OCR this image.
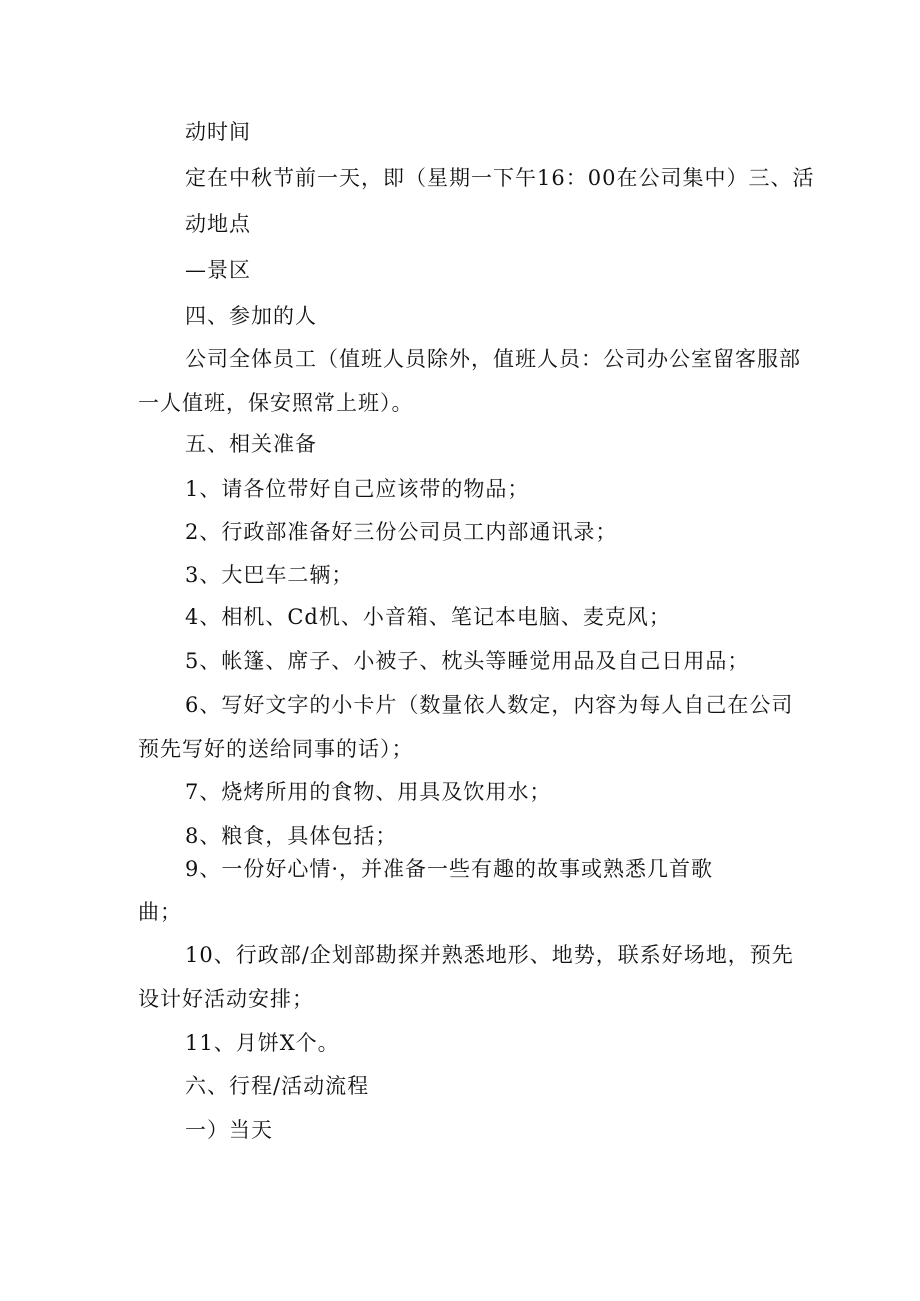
动时间
定在中秋节前一天，即（星期一下午16：00在公司集中）三、活
动地点
—景区
四、参加的人
公司全体员工（值班人员除外，值班人员：公司办公室留客服部
一人值班，保安照常上班）。
五、相关准备
1、请各位带好自己应该带的物品；
2、行政部准备好三份公司员工内部通讯录；
3、大巴车二辆；
4、相机、Cd机、小音箱、笔记本电脑、麦克风；
5、帐篷、席子、小被子、枕头等睡觉用品及自己日用品；
6、写好文字的小卡片（数量依人数定，内容为每人自己在公司
预先写好的送给同事的话）；
7、烧烤所用的食物、用具及饮用水；
8、粮食，具体包括；
9、一份好心情·，并准备一些有趣的故事或熟悉几首歌
曲；
10、行政部/企划部勘探并熟悉地形、地势，联系好场地，预先
设计好活动安排；
11、月饼X个。
六、行程/活动流程
一）当天
